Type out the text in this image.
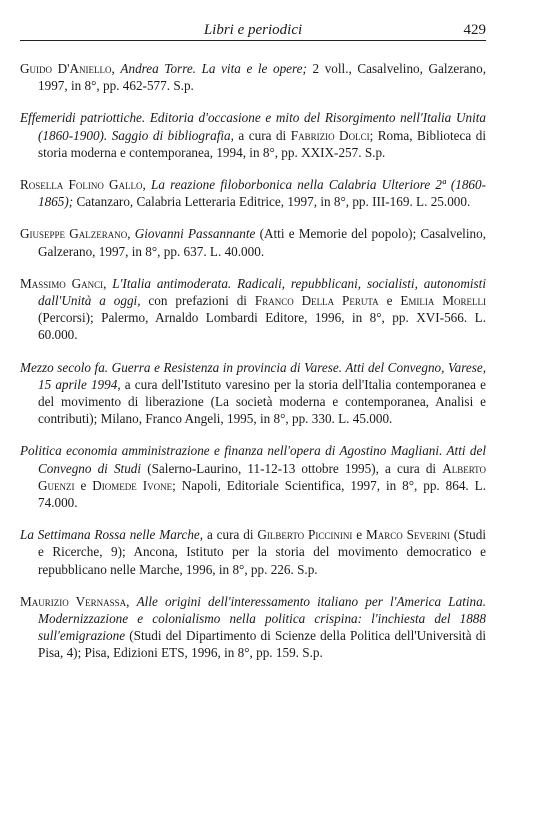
Libri e periodici	429

Guido D'Aniello, Andrea Torre. La vita e le opere; 2 voll., Casalvelino, Galzerano, 1997, in 8°, pp. 462-577. S.p.

Effemeridi patriottiche. Editoria d'occasione e mito del Risorgimento nell'Italia Unita (1860-1900). Saggio di bibliografia, a cura di Fabrizio Dolci; Roma, Biblioteca di storia moderna e contemporanea, 1994, in 8°, pp. XXIX-257. S.p.

Rosella Folino Gallo, La reazione filoborbonica nella Calabria Ulteriore 2ª (1860-1865); Catanzaro, Calabria Letteraria Editrice, 1997, in 8°, pp. III-169. L. 25.000.

Giuseppe Galzerano, Giovanni Passannante (Atti e Memorie del popolo); Casalvelino, Galzerano, 1997, in 8°, pp. 637. L. 40.000.

Massimo Ganci, L'Italia antimoderata. Radicali, repubblicani, socialisti, autonomisti dall'Unità a oggi, con prefazioni di Franco Della Peruta e Emilia Morelli (Percorsi); Palermo, Arnaldo Lombardi Editore, 1996, in 8°, pp. XVI-566. L. 60.000.

Mezzo secolo fa. Guerra e Resistenza in provincia di Varese. Atti del Convegno, Varese, 15 aprile 1994, a cura dell'Istituto varesino per la storia dell'Italia contemporanea e del movimento di liberazione (La società moderna e contemporanea, Analisi e contributi); Milano, Franco Angeli, 1995, in 8°, pp. 330. L. 45.000.

Politica economia amministrazione e finanza nell'opera di Agostino Magliani. Atti del Convegno di Studi (Salerno-Laurino, 11-12-13 ottobre 1995), a cura di Alberto Guenzi e Diomede Ivone; Napoli, Editoriale Scientifica, 1997, in 8°, pp. 864. L. 74.000.

La Settimana Rossa nelle Marche, a cura di Gilberto Piccinini e Marco Severini (Studi e Ricerche, 9); Ancona, Istituto per la storia del movimento democratico e repubblicano nelle Marche, 1996, in 8°, pp. 226. S.p.

Maurizio Vernassa, Alle origini dell'interessamento italiano per l'America Latina. Modernizzazione e colonialismo nella politica crispina: l'inchiesta del 1888 sull'emigrazione (Studi del Dipartimento di Scienze della Politica dell'Università di Pisa, 4); Pisa, Edizioni ETS, 1996, in 8°, pp. 159. S.p.
